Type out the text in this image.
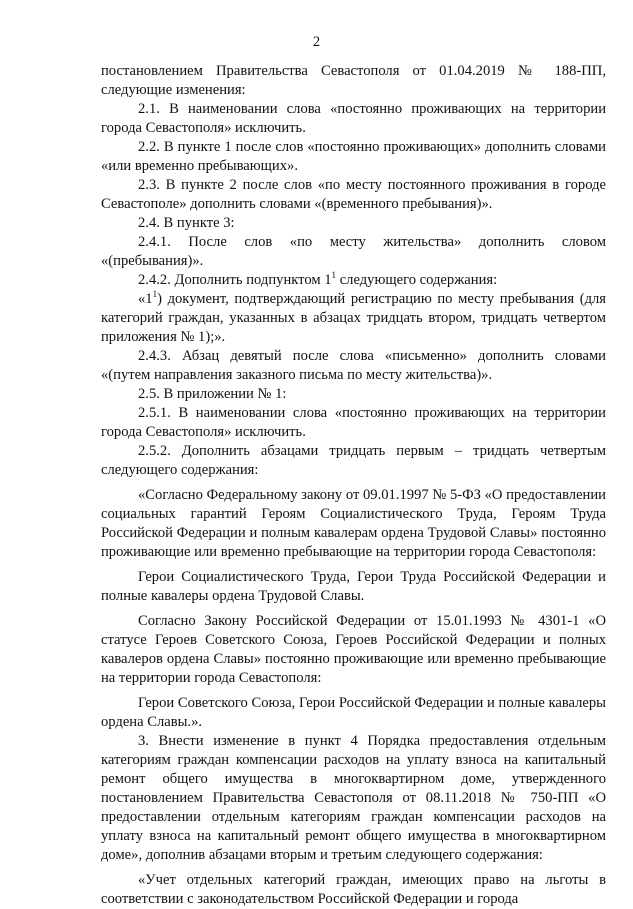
2

постановлением Правительства Севастополя от 01.04.2019 № 188-ПП, следующие изменения:

2.1. В наименовании слова «постоянно проживающих на территории города Севастополя» исключить.

2.2. В пункте 1 после слов «постоянно проживающих» дополнить словами «или временно пребывающих».

2.3. В пункте 2 после слов «по месту постоянного проживания в городе Севастополе» дополнить словами «(временного пребывания)».

2.4. В пункте 3:

2.4.1. После слов «по месту жительства» дополнить словом «(пребывания)».

2.4.2. Дополнить подпунктом $1^1$ следующего содержания:

«$1^1$) документ, подтверждающий регистрацию по месту пребывания (для категорий граждан, указанных в абзацах тридцать втором, тридцать четвертом приложения № 1);».

2.4.3. Абзац девятый после слова «письменно» дополнить словами «(путем направления заказного письма по месту жительства)».

2.5. В приложении № 1:

2.5.1. В наименовании слова «постоянно проживающих на территории города Севастополя» исключить.

2.5.2. Дополнить абзацами тридцать первым – тридцать четвертым следующего содержания:

«Согласно Федеральному закону от 09.01.1997 № 5-ФЗ «О предоставлении социальных гарантий Героям Социалистического Труда, Героям Труда Российской Федерации и полным кавалерам ордена Трудовой Славы» постоянно проживающие или временно пребывающие на территории города Севастополя:

Герои Социалистического Труда, Герои Труда Российской Федерации и полные кавалеры ордена Трудовой Славы.

Согласно Закону Российской Федерации от 15.01.1993 № 4301-1 «О статусе Героев Советского Союза, Героев Российской Федерации и полных кавалеров ордена Славы» постоянно проживающие или временно пребывающие на территории города Севастополя:

Герои Советского Союза, Герои Российской Федерации и полные кавалеры ордена Славы.».

3. Внести изменение в пункт 4 Порядка предоставления отдельным категориям граждан компенсации расходов на уплату взноса на капитальный ремонт общего имущества в многоквартирном доме, утвержденного постановлением Правительства Севастополя от 08.11.2018 № 750-ПП «О предоставлении отдельным категориям граждан компенсации расходов на уплату взноса на капитальный ремонт общего имущества в многоквартирном доме», дополнив абзацами вторым и третьим следующего содержания:

«Учет отдельных категорий граждан, имеющих право на льготы в соответствии с законодательством Российской Федерации и города
